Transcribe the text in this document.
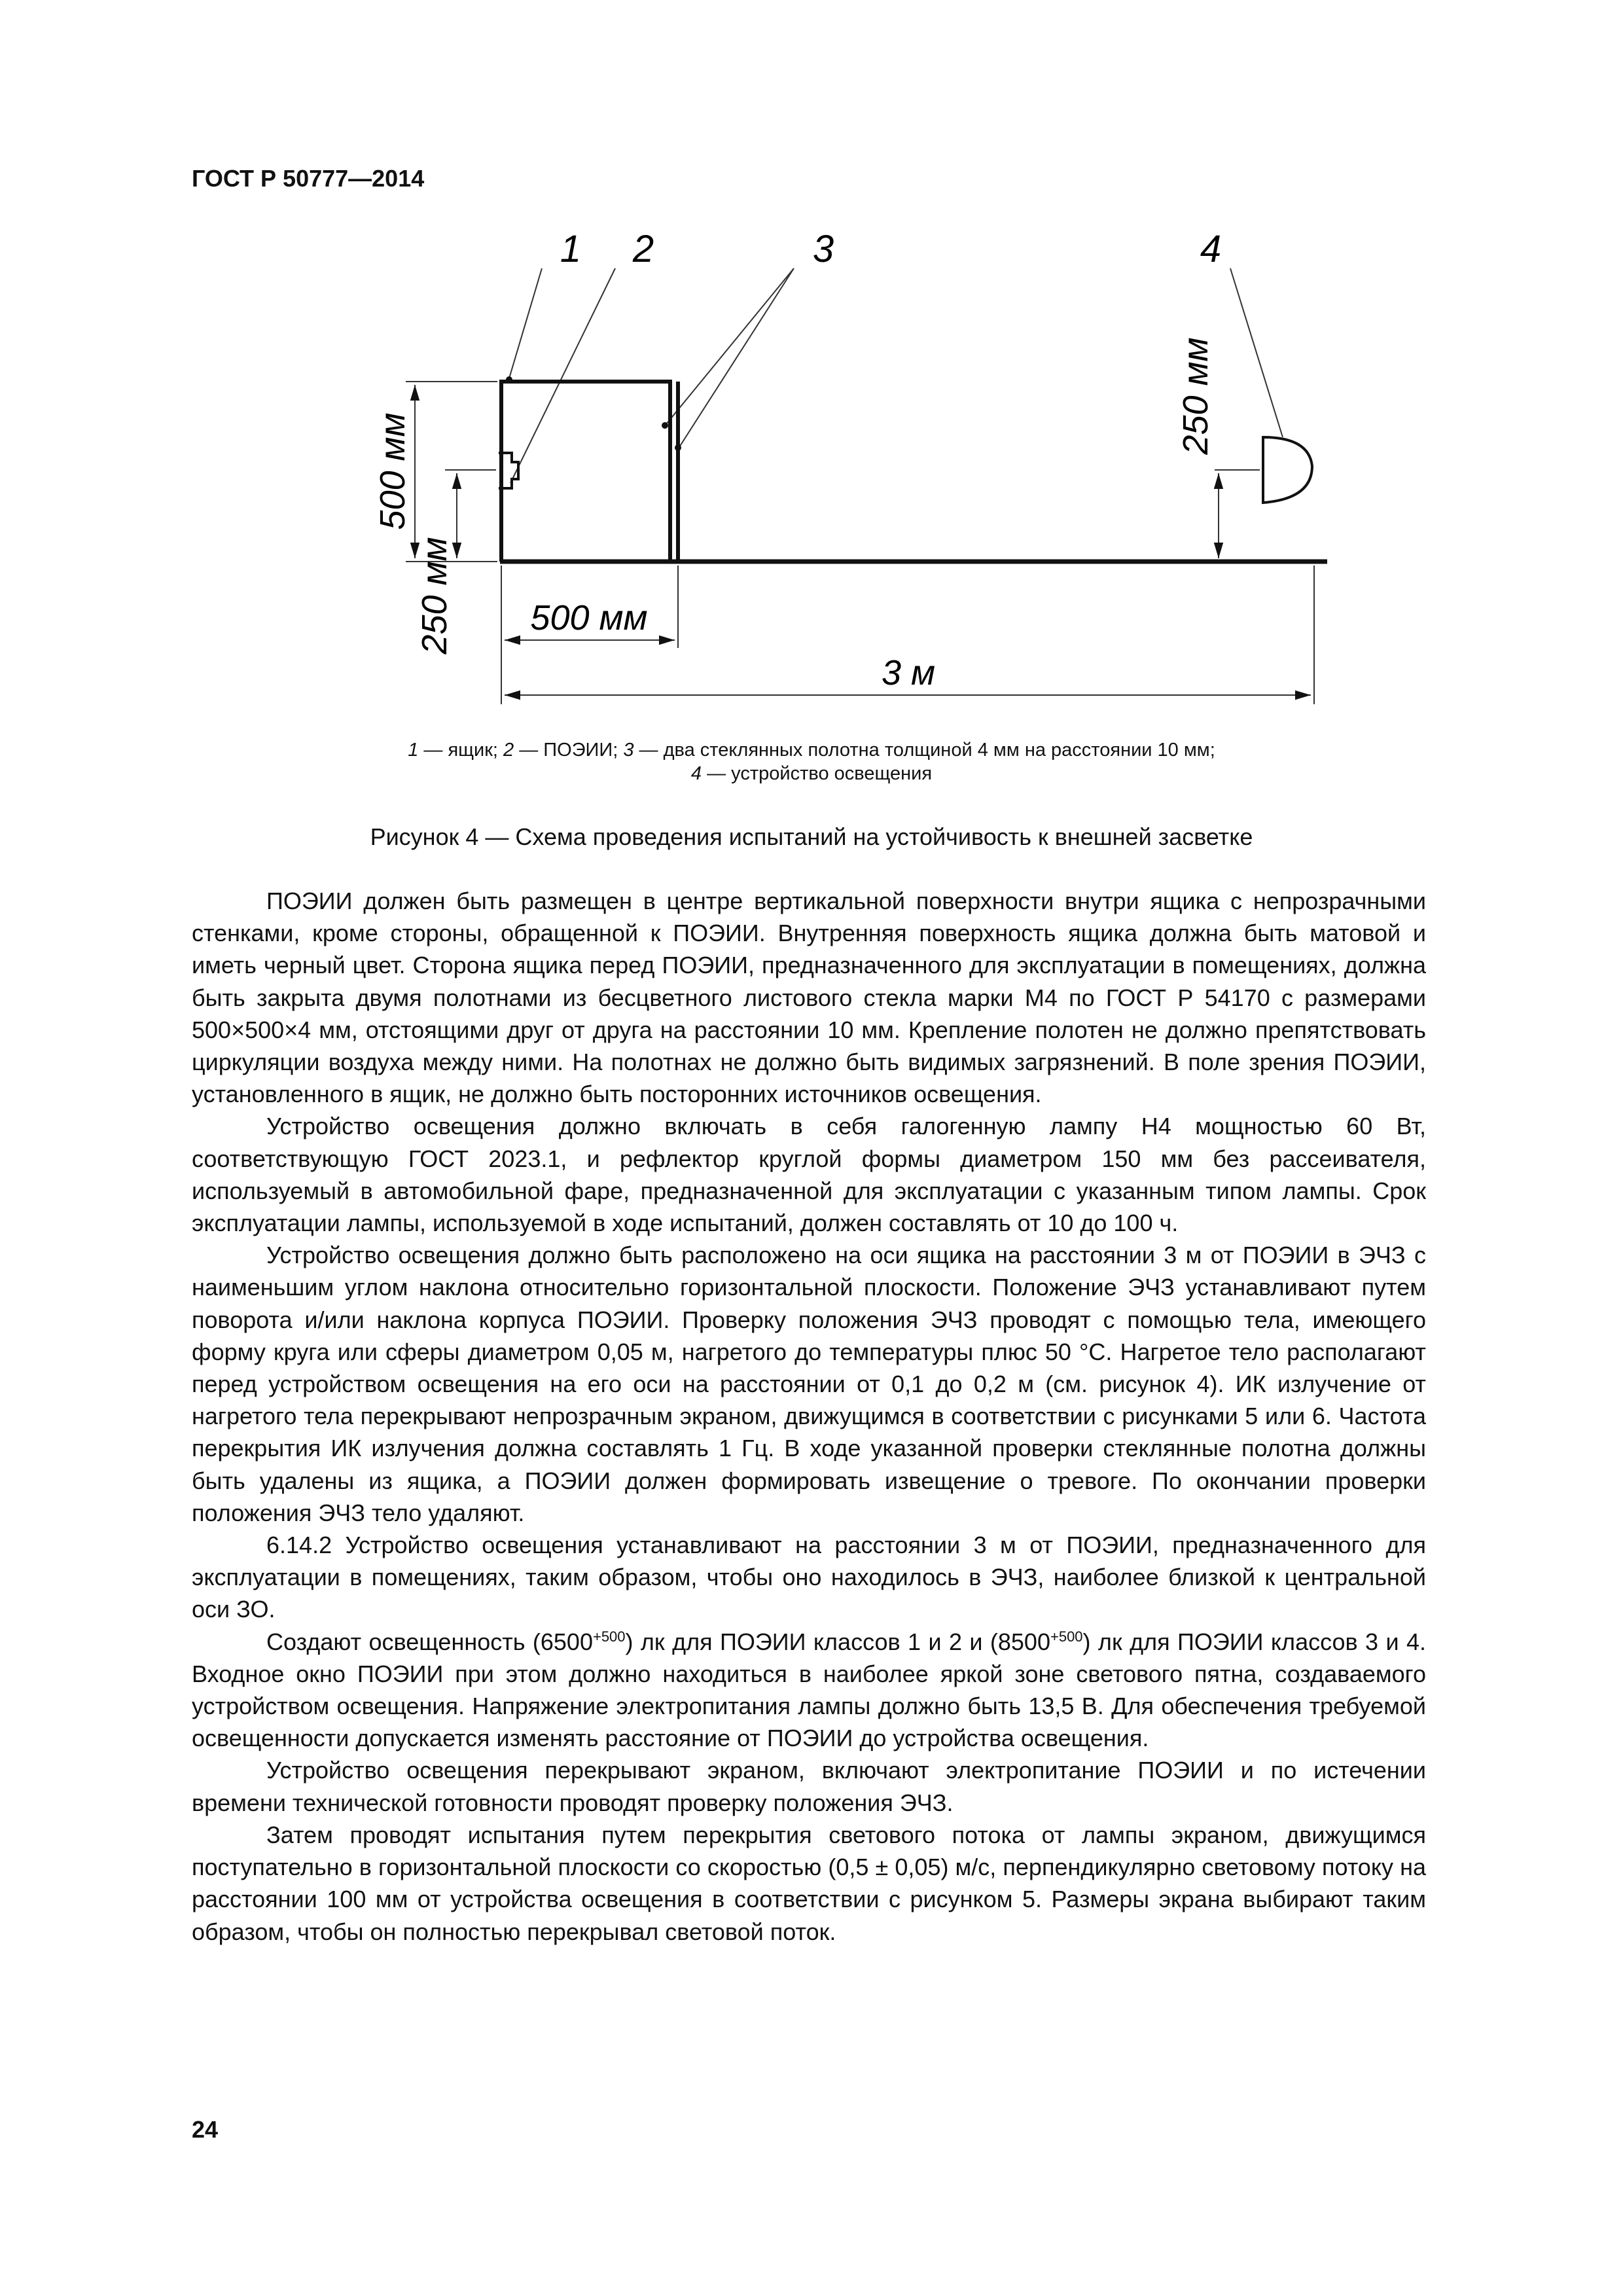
ГОСТ Р 50777—2014
1 2	3	4
500 мм
250 мм 500 мм
3 м
250 мм
1 — ящик; 2 — ПОЭИИ; 3 — два стеклянных полотна толщиной 4 мм на расстоянии 10 мм;
4 — устройство освещения
Рисунок 4 — Схема проведения испытаний на устойчивость к внешней засветке

ПОЭИИ должен быть размещен в центре вертикальной поверхности внутри ящика с непрозрачными стенками, кроме стороны, обращенной к ПОЭИИ. Внутренняя поверхность ящика должна быть матовой и иметь черный цвет. Сторона ящика перед ПОЭИИ, предназначенного для эксплуатации в помещениях, должна быть закрыта двумя полотнами из бесцветного листового стекла марки М4 по ГОСТ Р 54170 с размерами 500×500×4 мм, отстоящими друг от друга на расстоянии 10 мм. Крепление полотен не должно препятствовать циркуляции воздуха между ними. На полотнах не должно быть видимых загрязнений. В поле зрения ПОЭИИ, установленного в ящик, не должно быть посторонних источников освещения.

Устройство освещения должно включать в себя галогенную лампу Н4 мощностью 60 Вт, соответствующую ГОСТ 2023.1, и рефлектор круглой формы диаметром 150 мм без рассеивателя, используемый в автомобильной фаре, предназначенной для эксплуатации с указанным типом лампы. Срок эксплуатации лампы, используемой в ходе испытаний, должен составлять от 10 до 100 ч.

Устройство освещения должно быть расположено на оси ящика на расстоянии 3 м от ПОЭИИ в ЭЧЗ с наименьшим углом наклона относительно горизонтальной плоскости. Положение ЭЧЗ устанавливают путем поворота и/или наклона корпуса ПОЭИИ. Проверку положения ЭЧЗ проводят с помощью тела, имеющего форму круга или сферы диаметром 0,05 м, нагретого до температуры плюс 50 °С. Нагретое тело располагают перед устройством освещения на его оси на расстоянии от 0,1 до 0,2 м (см. рисунок 4). ИК излучение от нагретого тела перекрывают непрозрачным экраном, движущимся в соответствии с рисунками 5 или 6. Частота перекрытия ИК излучения должна составлять 1 Гц. В ходе указанной проверки стеклянные полотна должны быть удалены из ящика, а ПОЭИИ должен формировать извещение о тревоге. По окончании проверки положения ЭЧЗ тело удаляют.

6.14.2 Устройство освещения устанавливают на расстоянии 3 м от ПОЭИИ, предназначенного для эксплуатации в помещениях, таким образом, чтобы оно находилось в ЭЧЗ, наиболее близкой к центральной оси ЗО.

Создают освещенность $(6500^{+500})$ лк для ПОЭИИ классов 1 и 2 и $(8500^{+500})$ лк для ПОЭИИ классов 3 и 4. Входное окно ПОЭИИ при этом должно находиться в наиболее яркой зоне светового пятна, создаваемого устройством освещения. Напряжение электропитания лампы должно быть 13,5 В. Для обеспечения требуемой освещенности допускается изменять расстояние от ПОЭИИ до устройства освещения.

Устройство освещения перекрывают экраном, включают электропитание ПОЭИИ и по истечении времени технической готовности проводят проверку положения ЭЧЗ.

Затем проводят испытания путем перекрытия светового потока от лампы экраном, движущимся поступательно в горизонтальной плоскости со скоростью (0,5 ± 0,05) м/с, перпендикулярно световому потоку на расстоянии 100 мм от устройства освещения в соответствии с рисунком 5. Размеры экрана выбирают таким образом, чтобы он полностью перекрывал световой поток.

24
